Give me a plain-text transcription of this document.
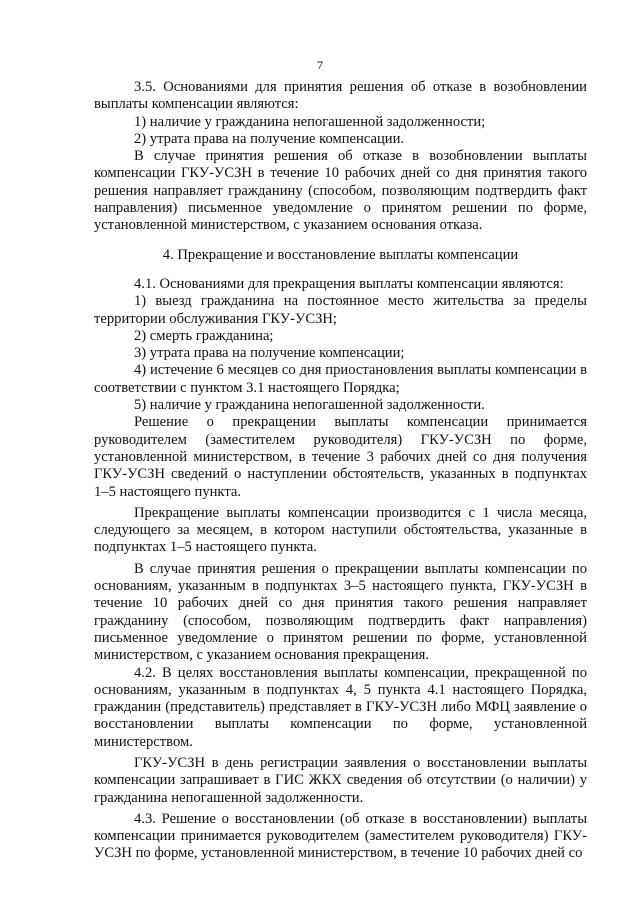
7

3.5. Основаниями для принятия решения об отказе в возобновлении выплаты компенсации являются:

1) наличие у гражданина непогашенной задолженности;

2) утрата права на получение компенсации.

В случае принятия решения об отказе в возобновлении выплаты компенсации ГКУ-УСЗН в течение 10 рабочих дней со дня принятия такого решения направляет гражданину (способом, позволяющим подтвердить факт направления) письменное уведомление о принятом решении по форме, установленной министерством, с указанием основания отказа.

4. Прекращение и восстановление выплаты компенсации

4.1. Основаниями для прекращения выплаты компенсации являются:

1) выезд гражданина на постоянное место жительства за пределы территории обслуживания ГКУ-УСЗН;

2) смерть гражданина;

3) утрата права на получение компенсации;

4) истечение 6 месяцев со дня приостановления выплаты компенсации в соответствии с пунктом 3.1 настоящего Порядка;

5) наличие у гражданина непогашенной задолженности.

Решение о прекращении выплаты компенсации принимается руководителем (заместителем руководителя) ГКУ-УСЗН по форме, установленной министерством, в течение 3 рабочих дней со дня получения ГКУ-УСЗН сведений о наступлении обстоятельств, указанных в подпунктах 1–5 настоящего пункта.

Прекращение выплаты компенсации производится с 1 числа месяца, следующего за месяцем, в котором наступили обстоятельства, указанные в подпунктах 1–5 настоящего пункта.

В случае принятия решения о прекращении выплаты компенсации по основаниям, указанным в подпунктах 3–5 настоящего пункта, ГКУ-УСЗН в течение 10 рабочих дней со дня принятия такого решения направляет гражданину (способом, позволяющим подтвердить факт направления) письменное уведомление о принятом решении по форме, установленной министерством, с указанием основания прекращения.

4.2. В целях восстановления выплаты компенсации, прекращенной по основаниям, указанным в подпунктах 4, 5 пункта 4.1 настоящего Порядка, гражданин (представитель) представляет в ГКУ-УСЗН либо МФЦ заявление о восстановлении выплаты компенсации по форме, установленной министерством.

ГКУ-УСЗН в день регистрации заявления о восстановлении выплаты компенсации запрашивает в ГИС ЖКХ сведения об отсутствии (о наличии) у гражданина непогашенной задолженности.

4.3. Решение о восстановлении (об отказе в восстановлении) выплаты компенсации принимается руководителем (заместителем руководителя) ГКУ-УСЗН по форме, установленной министерством, в течение 10 рабочих дней со
